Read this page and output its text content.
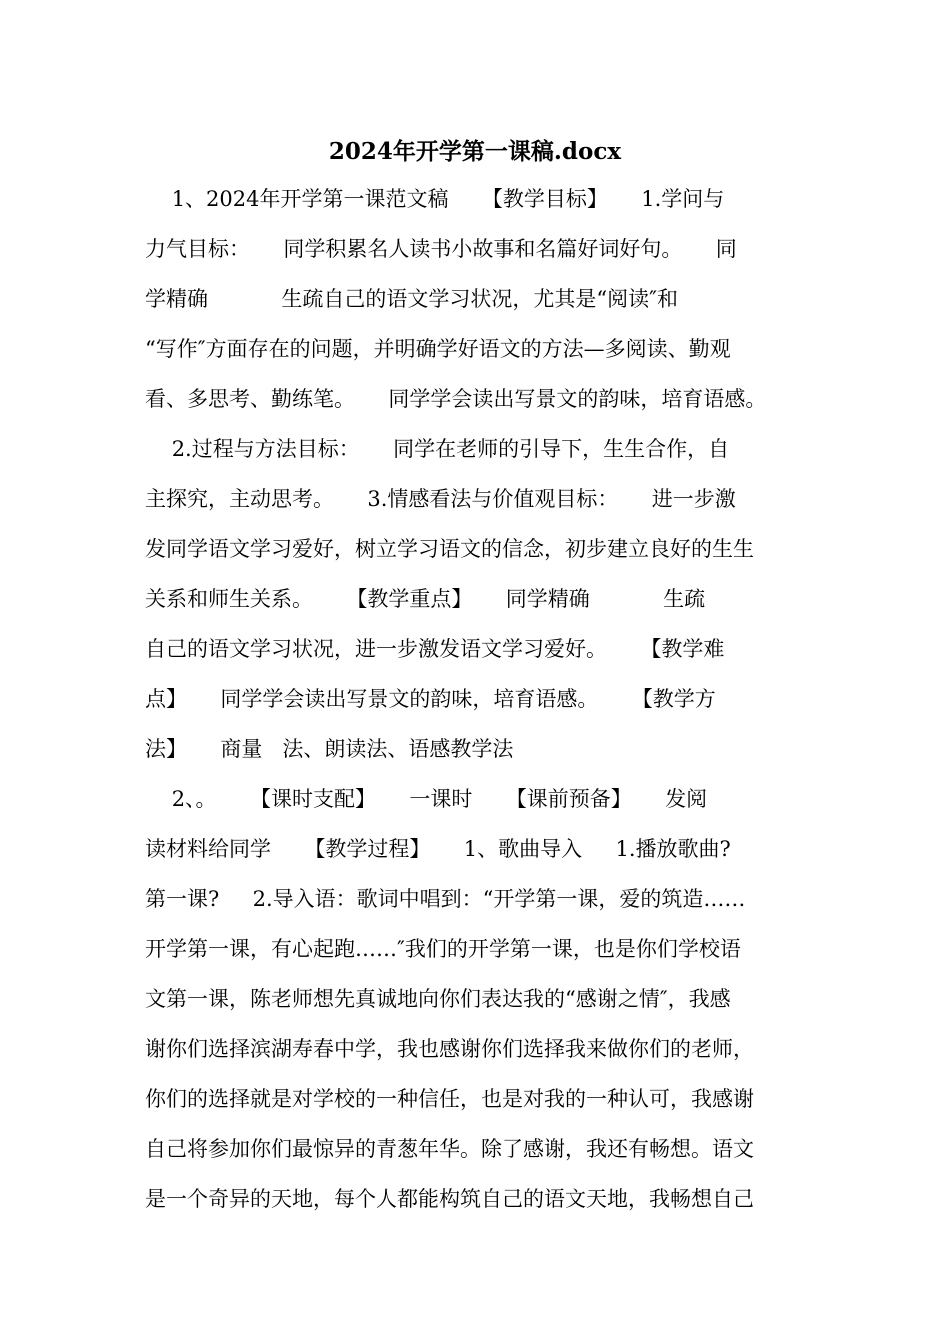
2024年开学第一课稿.docx
1、2024年开学第一课范文稿     【教学目标】     1.学问与
力气目标：     同学积累名人读书小故事和名篇好词好句。     同
学精确           生疏自己的语文学习状况，尤其是“阅读″和
“写作″方面存在的问题，并明确学好语文的方法—多阅读、勤观
看、多思考、勤练笔。     同学学会读出写景文的韵味，培育语感。
2.过程与方法目标：     同学在老师的引导下，生生合作，自
主探究，主动思考。     3.情感看法与价值观目标：     进一步激
发同学语文学习爱好，树立学习语文的信念，初步建立良好的生生
关系和师生关系。     【教学重点】     同学精确           生疏
自己的语文学习状况，进一步激发语文学习爱好。     【教学难
点】     同学学会读出写景文的韵味，培育语感。     【教学方
法】     商量   法、朗读法、语感教学法
2、。     【课时支配】     一课时     【课前预备】     发阅
读材料给同学     【教学过程】     1、歌曲导入     1.播放歌曲?
第一课?     2.导入语：歌词中唱到：“开学第一课，爱的筑造……
开学第一课，有心起跑……″我们的开学第一课，也是你们学校语
文第一课，陈老师想先真诚地向你们表达我的“感谢之情″，我感
谢你们选择滨湖寿春中学，我也感谢你们选择我来做你们的老师，
你们的选择就是对学校的一种信任，也是对我的一种认可，我感谢
自己将参加你们最惊异的青葱年华。除了感谢，我还有畅想。语文
是一个奇异的天地，每个人都能构筑自己的语文天地，我畅想自己
